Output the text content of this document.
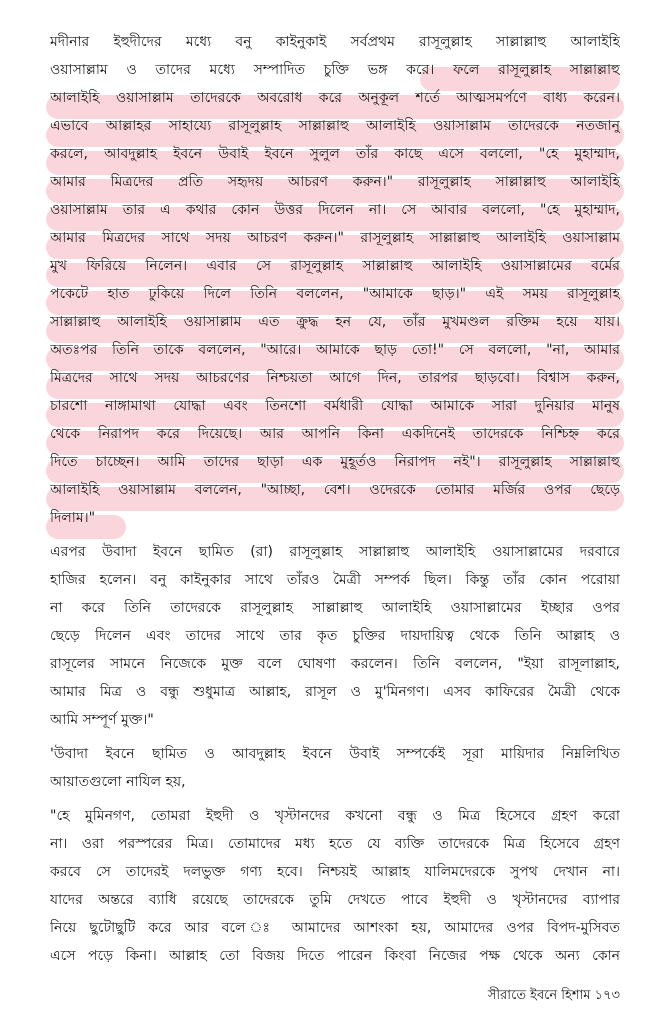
মদীনার ইহুদীদের মধ্যে বনু কাইনুকাই সর্বপ্রথম রাসূলুল্লাহ সাল্লাল্লাহু আলাইহি
ওয়াসাল্লাম ও তাদের মধ্যে সম্পাদিত চুক্তি ভঙ্গ করে। ফলে রাসূলুল্লাহ সাল্লাল্লাহু
আলাইহি ওয়াসাল্লাম তাদেরকে অবরোধ করে অনুকূল শর্তে আত্মসমর্পণে বাধ্য করেন।
এভাবে আল্লাহর সাহায্যে রাসূলুল্লাহ সাল্লাল্লাহু আলাইহি ওয়াসাল্লাম তাদেরকে নতজানু
করলে, আবদুল্লাহ ইবনে উবাই ইবনে সুলুল তাঁর কাছে এসে বললো, "হে মুহাম্মাদ,
আমার মিত্রদের প্রতি সহৃদয় আচরণ করুন।" রাসূলুল্লাহ সাল্লাল্লাহু আলাইহি
ওয়াসাল্লাম তার এ কথার কোন উত্তর দিলেন না। সে আবার বললো, "হে মুহাম্মাদ,
আমার মিত্রদের সাথে সদয় আচরণ করুন।" রাসূলুল্লাহ সাল্লাল্লাহু আলাইহি ওয়াসাল্লাম
মুখ ফিরিয়ে নিলেন। এবার সে রাসূলুল্লাহ সাল্লাল্লাহু আলাইহি ওয়াসাল্লামের বর্মের
পকেটে হাত ঢুকিয়ে দিলে তিনি বললেন, "আমাকে ছাড়।" এই সময় রাসূলুল্লাহ
সাল্লাল্লাহু আলাইহি ওয়াসাল্লাম এত ক্রুদ্ধ হন যে, তাঁর মুখমণ্ডল রক্তিম হয়ে যায়।
অতঃপর তিনি তাকে বললেন, "আরে। আমাকে ছাড় তো!" সে বললো, "না, আমার
মিত্রদের সাথে সদয় আচরণের নিশ্চয়তা আগে দিন, তারপর ছাড়বো। বিশ্বাস করুন,
চারশো নাঙ্গামাথা যোদ্ধা এবং তিনশো বর্মধারী যোদ্ধা আমাকে সারা দুনিয়ার মানুষ
থেকে নিরাপদ করে দিয়েছে। আর আপনি কিনা একদিনেই তাদেরকে নিশ্চিহ্ন করে
দিতে চাচ্ছেন। আমি তাদের ছাড়া এক মুহূর্তও নিরাপদ নই"। রাসূলুল্লাহ সাল্লাল্লাহু
আলাইহি ওয়াসাল্লাম বললেন, "আচ্ছা, বেশ। ওদেরকে তোমার মর্জির ওপর ছেড়ে
দিলাম।"
এরপর উবাদা ইবনে ছামিত (রা) রাসূলুল্লাহ সাল্লাল্লাহু আলাইহি ওয়াসাল্লামের দরবারে
হাজির হলেন। বনু কাইনুকার সাথে তাঁরও মৈত্রী সম্পর্ক ছিল। কিন্তু তাঁর কোন পরোয়া
না করে তিনি তাদেরকে রাসূলুল্লাহ সাল্লাল্লাহু আলাইহি ওয়াসাল্লামের ইচ্ছার ওপর
ছেড়ে দিলেন এবং তাদের সাথে তার কৃত চুক্তির দায়দায়িত্ব থেকে তিনি আল্লাহ ও
রাসূলের সামনে নিজেকে মুক্ত বলে ঘোষণা করলেন। তিনি বললেন, "ইয়া রাসূলাল্লাহ,
আমার মিত্র ও বন্ধু শুধুমাত্র আল্লাহ, রাসূল ও মু'মিনগণ। এসব কাফিরের মৈত্রী থেকে
আমি সম্পূর্ণ মুক্ত।"
'উবাদা ইবনে ছামিত ও আবদুল্লাহ ইবনে উবাই সম্পর্কেই সূরা মায়িদার নিম্নলিখিত
আয়াতগুলো নাযিল হয়,
"হে মুমিনগণ, তোমরা ইহুদী ও খৃস্টানদের কখনো বন্ধু ও মিত্র হিসেবে গ্রহণ করো
না। ওরা পরস্পরের মিত্র। তোমাদের মধ্য হতে যে ব্যক্তি তাদেরকে মিত্র হিসেবে গ্রহণ
করবে সে তাদেরই দলভুক্ত গণ্য হবে। নিশ্চয়ই আল্লাহ যালিমদেরকে সুপথ দেখান না।
যাদের অন্তরে ব্যাধি রয়েছে তাদেরকে তুমি দেখতে পাবে ইহুদী ও খৃস্টানদের ব্যাপার
নিয়ে ছুটোছুটি করে আর বলে ঃ আমাদের আশংকা হয়, আমাদের ওপর বিপদ-মুসিবত
এসে পড়ে কিনা। আল্লাহ তো বিজয় দিতে পারেন কিংবা নিজের পক্ষ থেকে অন্য কোন
সীরাতে ইবনে হিশাম ১৭৩
